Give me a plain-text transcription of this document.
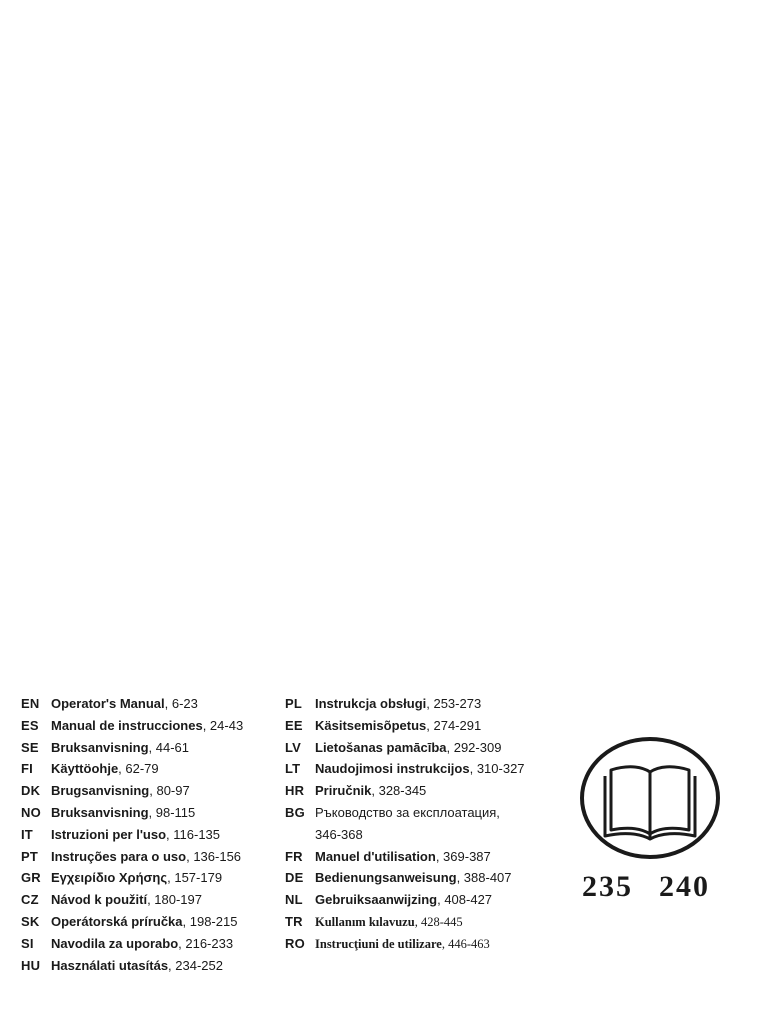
EN Operator's Manual, 6-23
ES Manual de instrucciones, 24-43
SE Bruksanvisning, 44-61
FI	Käyttöohje, 62-79
DK Brugsanvisning, 80-97
NO Bruksanvisning, 98-115
IT	Istruzioni per l'uso, 116-135
PT Instruções para o uso, 136-156
GR Εγχειρίδιο Χρήσης, 157-179
CZ Návod k použití, 180-197
SK Operátorská príručka, 198-215
SI	Navodila za uporabo, 216-233
HU Használati utasítás, 234-252
PL Instrukcja obsługi, 253-273
EE Käsitsemisõpetus, 274-291
LV	Lietošanas pamācība, 292-309
LT	Naudojimosi instrukcijos, 310-327
HR Priručnik, 328-345
BG Ръководство за експлоатация,
346-368
FR Manuel d'utilisation, 369-387
DE Bedienungsanweisung, 388-407
NL Gebruiksaanwijzing, 408-427
TR Kullanım kılavuzu, 428-445
RO Instrucţiuni de utilizare, 446-463
235 240
